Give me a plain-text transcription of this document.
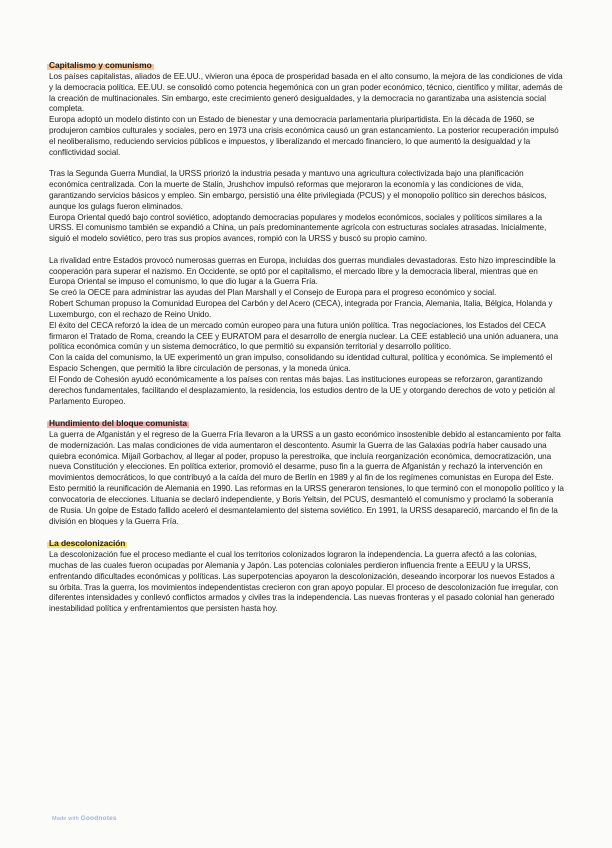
Capitalismo y comunismo

Los países capitalistas, aliados de EE.UU., vivieron una época de prosperidad basada en el alto consumo, la mejora de las condiciones de vida y la democracia política. EE.UU. se consolidó como potencia hegemónica con un gran poder económico, técnico, científico y militar, además de la creación de multinacionales. Sin embargo, este crecimiento generó desigualdades, y la democracia no garantizaba una asistencia social completa.

Europa adoptó un modelo distinto con un Estado de bienestar y una democracia parlamentaria pluripartidista. En la década de 1960, se produjeron cambios culturales y sociales, pero en 1973 una crisis económica causó un gran estancamiento. La posterior recuperación impulsó el neoliberalismo, reduciendo servicios públicos e impuestos, y liberalizando el mercado financiero, lo que aumentó la desigualdad y la conflictividad social.

Tras la Segunda Guerra Mundial, la URSS priorizó la industria pesada y mantuvo una agricultura colectivizada bajo una planificación económica centralizada. Con la muerte de Stalin, Jrushchov impulsó reformas que mejoraron la economía y las condiciones de vida, garantizando servicios básicos y empleo. Sin embargo, persistió una élite privilegiada (PCUS) y el monopolio político sin derechos básicos, aunque los gulags fueron eliminados.

Europa Oriental quedó bajo control soviético, adoptando democracias populares y modelos económicos, sociales y políticos similares a la URSS. El comunismo también se expandió a China, un país predominantemente agrícola con estructuras sociales atrasadas. Inicialmente, siguió el modelo soviético, pero tras sus propios avances, rompió con la URSS y buscó su propio camino.

La rivalidad entre Estados provocó numerosas guerras en Europa, incluidas dos guerras mundiales devastadoras. Esto hizo imprescindible la cooperación para superar el nazismo. En Occidente, se optó por el capitalismo, el mercado libre y la democracia liberal, mientras que en Europa Oriental se impuso el comunismo, lo que dio lugar a la Guerra Fría.

Se creó la OECE para administrar las ayudas del Plan Marshall y el Consejo de Europa para el progreso económico y social.

Robert Schuman propuso la Comunidad Europea del Carbón y del Acero (CECA), integrada por Francia, Alemania, Italia, Bélgica, Holanda y Luxemburgo, con el rechazo de Reino Unido.

El éxito del CECA reforzó la idea de un mercado común europeo para una futura unión política. Tras negociaciones, los Estados del CECA firmaron el Tratado de Roma, creando la CEE y EURATOM para el desarrollo de energía nuclear. La CEE estableció una unión aduanera, una política económica común y un sistema democrático, lo que permitió su expansión territorial y desarrollo político.

Con la caída del comunismo, la UE experimentó un gran impulso, consolidando su identidad cultural, política y económica. Se implementó el Espacio Schengen, que permitió la libre circulación de personas, y la moneda única.

El Fondo de Cohesión ayudó económicamente a los países con rentas más bajas. Las instituciones europeas se reforzaron, garantizando derechos fundamentales, facilitando el desplazamiento, la residencia, los estudios dentro de la UE y otorgando derechos de voto y petición al Parlamento Europeo.

Hundimiento del bloque comunista

La guerra de Afganistán y el regreso de la Guerra Fría llevaron a la URSS a un gasto económico insostenible debido al estancamiento por falta de modernización. Las malas condiciones de vida aumentaron el descontento. Asumir la Guerra de las Galaxias podría haber causado una quiebra económica. Mijaíl Gorbachov, al llegar al poder, propuso la perestroika, que incluía reorganización económica, democratización, una nueva Constitución y elecciones. En política exterior, promovió el desarme, puso fin a la guerra de Afganistán y rechazó la intervención en movimientos democráticos, lo que contribuyó a la caída del muro de Berlín en 1989 y al fin de los regímenes comunistas en Europa del Este. Esto permitió la reunificación de Alemania en 1990. Las reformas en la URSS generaron tensiones, lo que terminó con el monopolio político y la convocatoria de elecciones. Lituania se declaró independiente, y Boris Yeltsin, del PCUS, desmanteló el comunismo y proclamó la soberanía de Rusia. Un golpe de Estado fallido aceleró el desmantelamiento del sistema soviético. En 1991, la URSS desapareció, marcando el fin de la división en bloques y la Guerra Fría.

La descolonización

La descolonización fue el proceso mediante el cual los territorios colonizados lograron la independencia. La guerra afectó a las colonias, muchas de las cuales fueron ocupadas por Alemania y Japón. Las potencias coloniales perdieron influencia frente a EEUU y la URSS, enfrentando dificultades económicas y políticas. Las superpotencias apoyaron la descolonización, deseando incorporar los nuevos Estados a su órbita. Tras la guerra, los movimientos independentistas crecieron con gran apoyo popular. El proceso de descolonización fue irregular, con diferentes intensidades y conllevó conflictos armados y civiles tras la independencia. Las nuevas fronteras y el pasado colonial han generado inestabilidad política y enfrentamientos que persisten hasta hoy.

Made with Goodnotes
